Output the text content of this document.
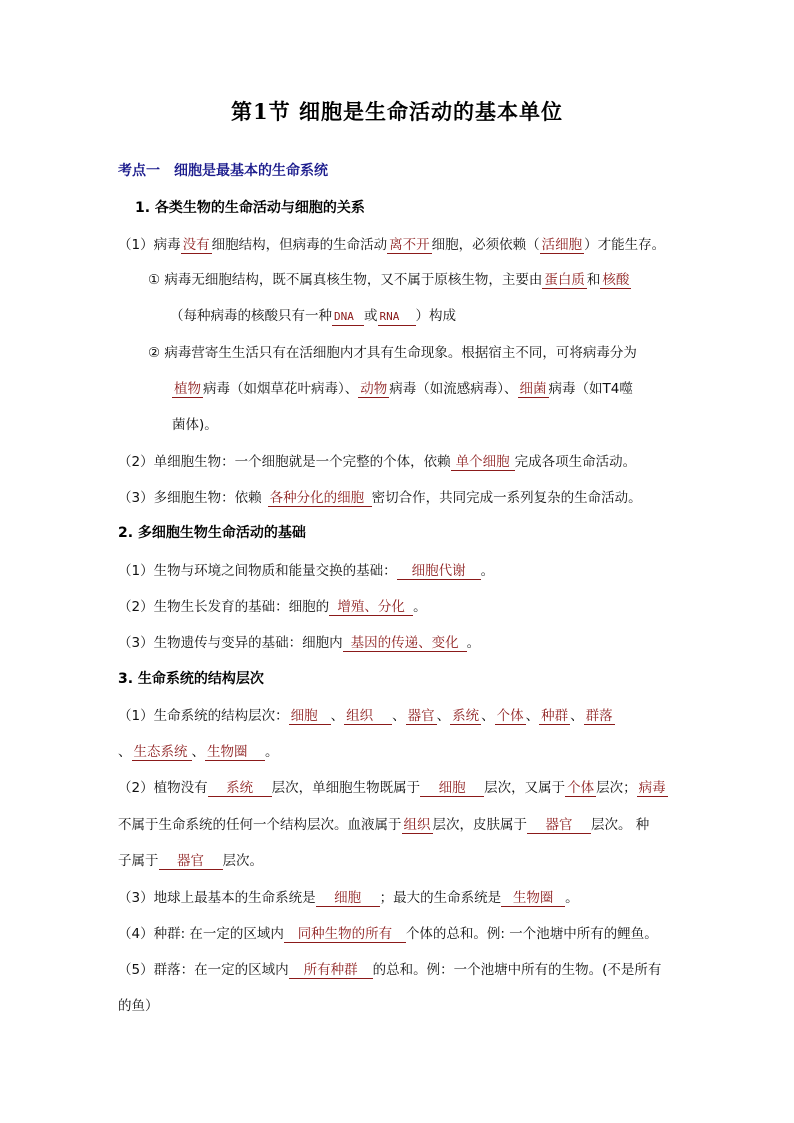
第1节 细胞是生命活动的基本单位
考点一 细胞是最基本的生命系统
1. 各类生物的生命活动与细胞的关系
（1）病毒 没有 细胞结构，但病毒的生命活动 离不开 细胞，必须依赖（ 活细胞 ）才能生存。
① 病毒无细胞结构，既不属真核生物，又不属于原核生物，主要由 蛋白质 和 核酸
（每种病毒的核酸只有一种 DNA 或 RNA ）构成
② 病毒营寄生生活只有在活细胞内才具有生命现象。根据宿主不同，可将病毒分为
植物 病毒（如烟草花叶病毒）、 动物 病毒（如流感病毒）、 细菌 病毒（如T4噬
菌体)。
（2）单细胞生物：一个细胞就是一个完整的个体，依赖 单个细胞 完成各项生命活动。
（3）多细胞生物：依赖 各种分化的细胞 密切合作，共同完成一系列复杂的生命活动。
2. 多细胞生物生命活动的基础
（1）生物与环境之间物质和能量交换的基础： 细胞代谢 。
（2）生物生长发育的基础：细胞的 增殖、分化 。
（3）生物遗传与变异的基础：细胞内 基因的传递、变化 。
3. 生命系统的结构层次
（1）生命系统的结构层次： 细胞 、 组织 、 器官 、 系统 、 个体 、 种群 、 群落
、 生态系统 、 生物圈 。
（2）植物没有 系统 层次，单细胞生物既属于 细胞 层次，又属于 个体 层次； 病毒
不属于生命系统的任何一个结构层次。血液属于 组织 层次，皮肤属于 器官 层次。 种
子属于 器官 层次。
（3）地球上最基本的生命系统是 细胞 ；最大的生命系统是 生物圈 。
（4）种群: 在一定的区域内 同种生物的所有 个体的总和。例: 一个池塘中所有的鲤鱼。
（5）群落：在一定的区域内 所有种群 的总和。例：一个池塘中所有的生物。(不是所有
的鱼）
